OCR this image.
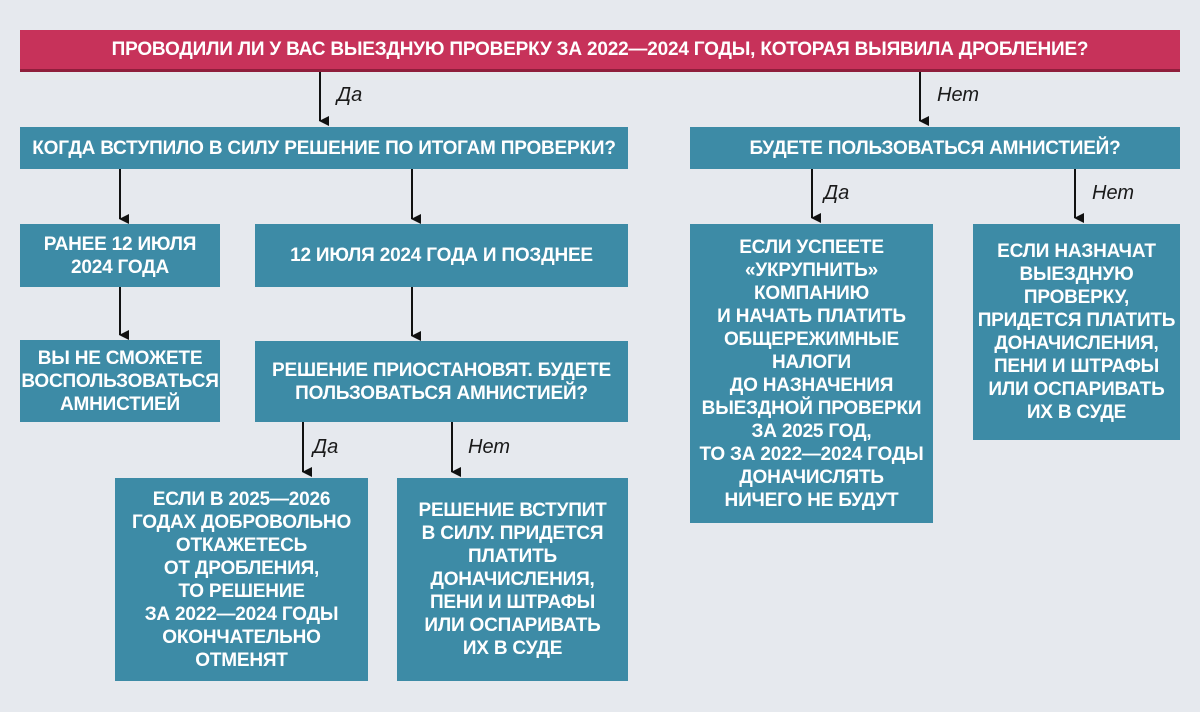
Да	Нет
Да	Нет
Да	Нет
ПРОВОДИЛИ ЛИ У ВАС ВЫЕЗДНУЮ ПРОВЕРКУ ЗА 2022—2024 ГОДЫ, КОТОРАЯ ВЫЯВИЛА ДРОБЛЕНИЕ?
КОГДА ВСТУПИЛО В СИЛУ РЕШЕНИЕ ПО ИТОГАМ ПРОВЕРКИ?	БУДЕТЕ ПОЛЬЗОВАТЬСЯ АМНИСТИЕЙ?
РАНЕЕ 12 ИЮЛЯ
2024 ГОДА
12 ИЮЛЯ 2024 ГОДА И ПОЗДНЕЕ
ВЫ НЕ СМОЖЕТЕ
ВОСПОЛЬЗОВАТЬСЯ
АМНИСТИЕЙ
РЕШЕНИЕ ПРИОСТАНОВЯТ. БУДЕТЕ
ПОЛЬЗОВАТЬСЯ АМНИСТИЕЙ?
ЕСЛИ В 2025—2026
ГОДАХ ДОБРОВОЛЬНО
ОТКАЖЕТЕСЬ
ОТ ДРОБЛЕНИЯ,
ТО РЕШЕНИЕ
ЗА 2022—2024 ГОДЫ
ОКОНЧАТЕЛЬНО
ОТМЕНЯТ
РЕШЕНИЕ ВСТУПИТ
В СИЛУ. ПРИДЕТСЯ
ПЛАТИТЬ
ДОНАЧИСЛЕНИЯ,
ПЕНИ И ШТРАФЫ
ИЛИ ОСПАРИВАТЬ
ИХ В СУДЕ
ЕСЛИ УСПЕЕТЕ
«УКРУПНИТЬ»
КОМПАНИЮ
И НАЧАТЬ ПЛАТИТЬ
ОБЩЕРЕЖИМНЫЕ
НАЛОГИ
ДО НАЗНАЧЕНИЯ
ВЫЕЗДНОЙ ПРОВЕРКИ
ЗА 2025 ГОД,
ТО ЗА 2022—2024 ГОДЫ
ДОНАЧИСЛЯТЬ
НИЧЕГО НЕ БУДУТ
ЕСЛИ НАЗНАЧАТ
ВЫЕЗДНУЮ
ПРОВЕРКУ,
ПРИДЕТСЯ ПЛАТИТЬ
ДОНАЧИСЛЕНИЯ,
ПЕНИ И ШТРАФЫ
ИЛИ ОСПАРИВАТЬ
ИХ В СУДЕ
